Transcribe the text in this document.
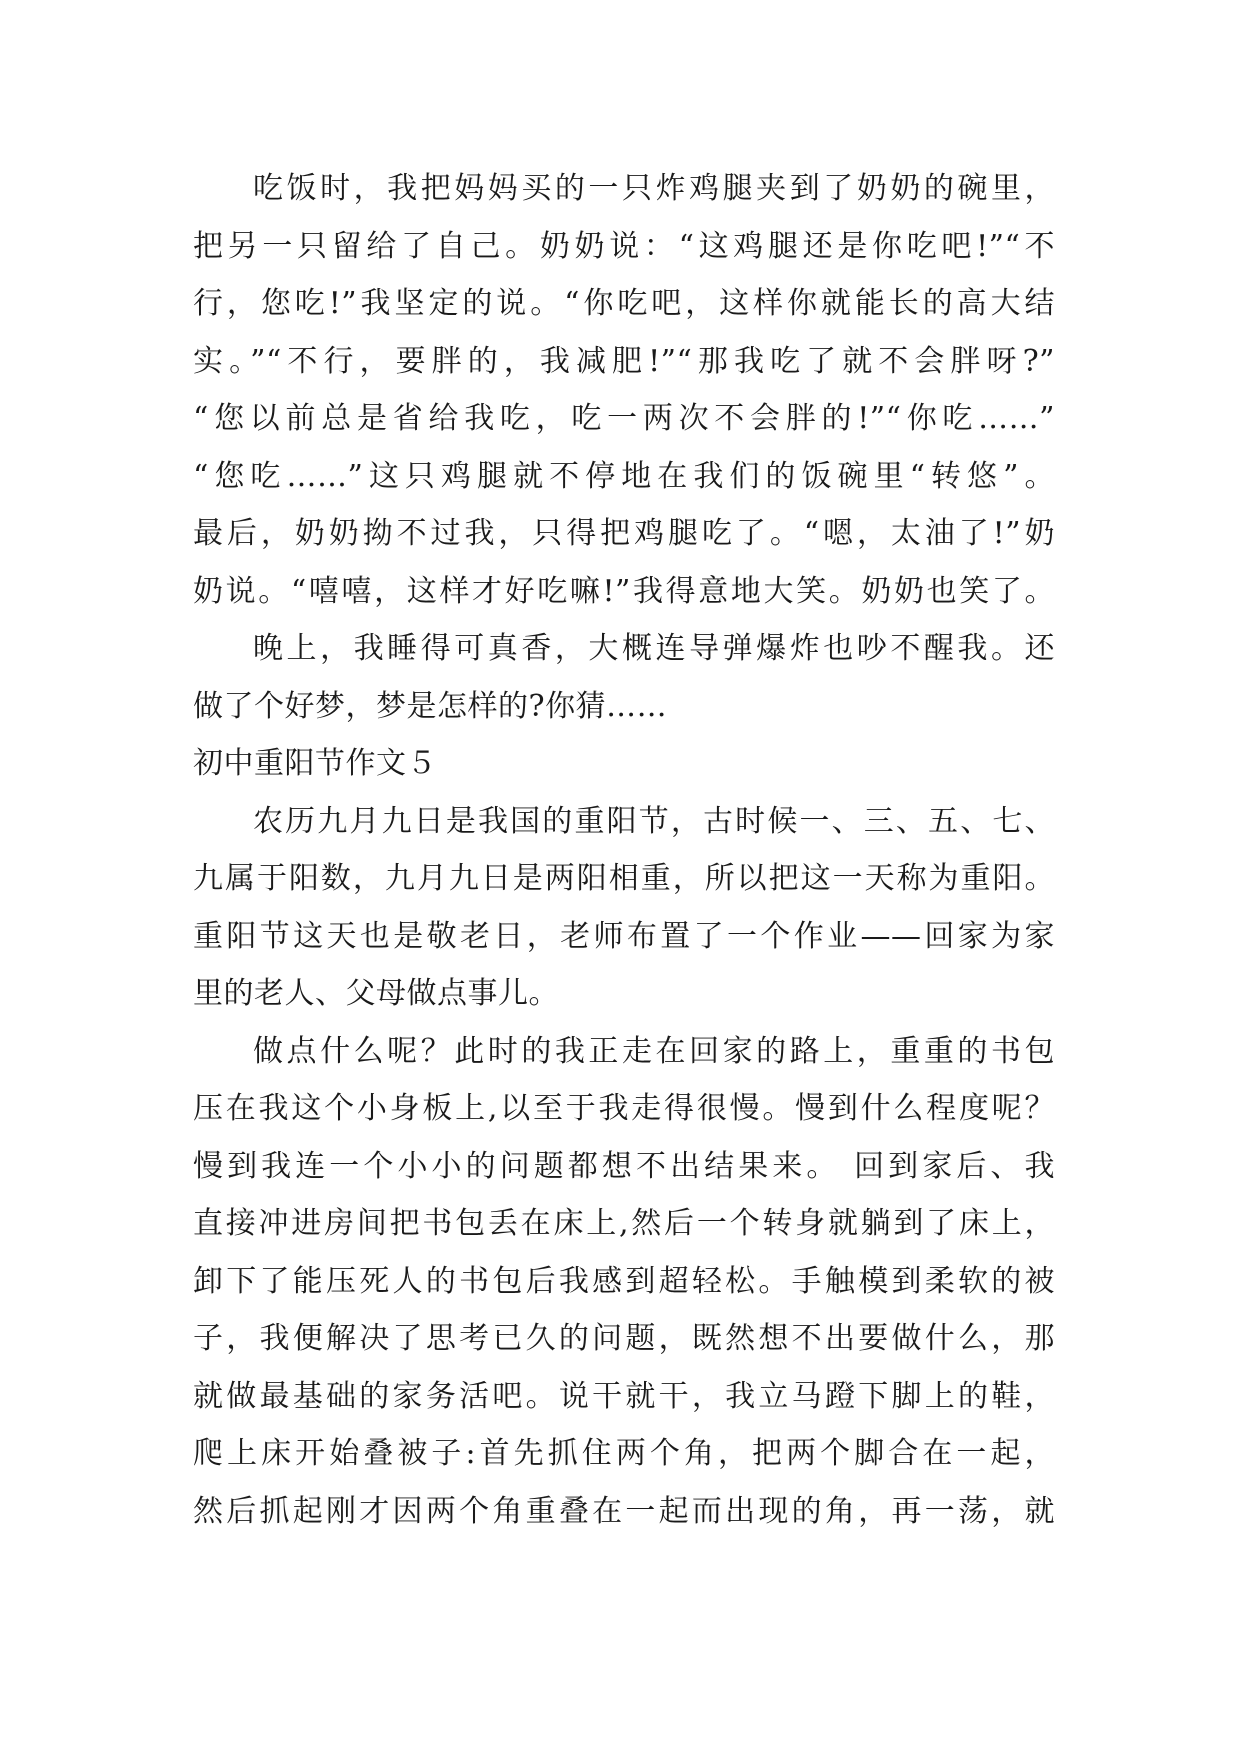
吃饭时，我把妈妈买的一只炸鸡腿夹到了奶奶的碗里，
把另一只留给了自己。奶奶说：“这鸡腿还是你吃吧!”“不
行，您吃!”我坚定的说。“你吃吧，这样你就能长的高大结
实。”“不行，要胖的，我减肥!”“那我吃了就不会胖呀?”
“您以前总是省给我吃，吃一两次不会胖的!”“你吃……”
“您吃……”这只鸡腿就不停地在我们的饭碗里“转悠”。
最后，奶奶拗不过我，只得把鸡腿吃了。“嗯，太油了!”奶
奶说。“嘻嘻，这样才好吃嘛!”我得意地大笑。奶奶也笑了。
晚上，我睡得可真香，大概连导弹爆炸也吵不醒我。还
做了个好梦，梦是怎样的?你猜……
初中重阳节作文５
农历九月九日是我国的重阳节，古时候一、三、五、七、
九属于阳数，九月九日是两阳相重，所以把这一天称为重阳。
重阳节这天也是敬老日，老师布置了一个作业——回家为家
里的老人、父母做点事儿。
做点什么呢？此时的我正走在回家的路上，重重的书包
压在我这个小身板上,以至于我走得很慢。慢到什么程度呢？
慢到我连一个小小的问题都想不出结果来。 回到家后、我
直接冲进房间把书包丢在床上,然后一个转身就躺到了床上，
卸下了能压死人的书包后我感到超轻松。手触模到柔软的被
子，我便解决了思考已久的问题，既然想不出要做什么，那
就做最基础的家务活吧。说干就干，我立马蹬下脚上的鞋，
爬上床开始叠被子:首先抓住两个角，把两个脚合在一起，
然后抓起刚才因两个角重叠在一起而出现的角，再一荡，就
